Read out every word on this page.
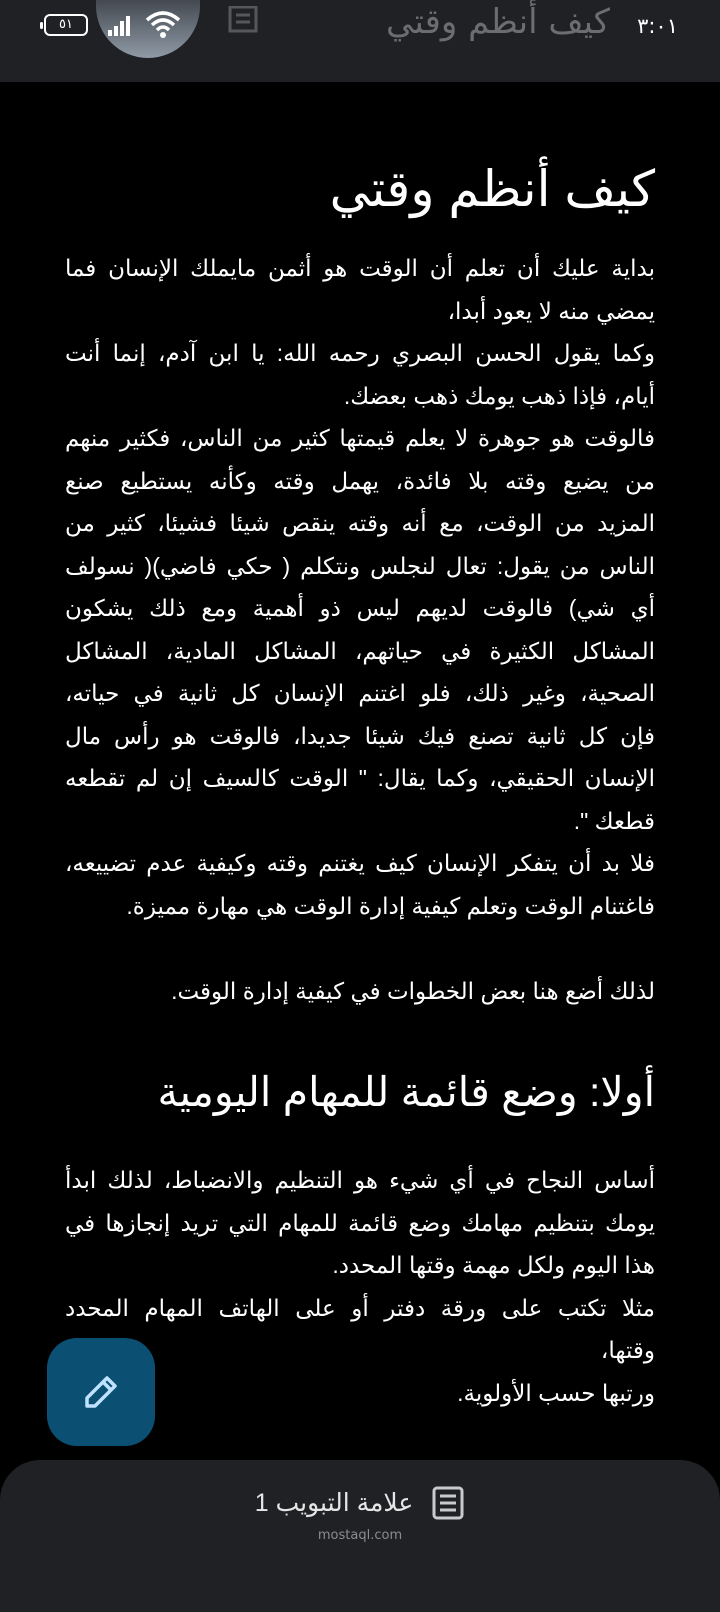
٥١	كيف أنظم وقتي ٣:٠١
كيف أنظم وقتي
بداية عليك أن تعلم أن الوقت هو أثمن مايملك الإنسان فما
يمضي منه لا يعود أبدا،
وكما يقول الحسن البصري رحمه الله: يا ابن آدم، إنما أنت
أيام، فإذا ذهب يومك ذهب بعضك.
فالوقت هو جوهرة لا يعلم قيمتها كثير من الناس، فكثير منهم
من يضيع وقته بلا فائدة، يهمل وقته وكأنه يستطيع صنع
المزيد من الوقت، مع أنه وقته ينقص شيئا فشيئا، كثير من
الناس من يقول: تعال لنجلس ونتكلم ( حكي فاضي)( نسولف
أي شي) فالوقت لديهم ليس ذو أهمية ومع ذلك يشكون
المشاكل الكثيرة في حياتهم، المشاكل المادية، المشاكل
الصحية، وغير ذلك، فلو اغتنم الإنسان كل ثانية في حياته،
فإن كل ثانية تصنع فيك شيئا جديدا، فالوقت هو رأس مال
الإنسان الحقيقي، وكما يقال: " الوقت كالسيف إن لم تقطعه
قطعك ".
فلا بد أن يتفكر الإنسان كيف يغتنم وقته وكيفية عدم تضييعه،
فاغتنام الوقت وتعلم كيفية إدارة الوقت هي مهارة مميزة.
لذلك أضع هنا بعض الخطوات في كيفية إدارة الوقت.
أولا: وضع قائمة للمهام اليومية
أساس النجاح في أي شيء هو التنظيم والانضباط، لذلك ابدأ
يومك بتنظيم مهامك وضع قائمة للمهام التي تريد إنجازها في
هذا اليوم ولكل مهمة وقتها المحدد.
مثلا تكتب على ورقة دفتر أو على الهاتف المهام المحدد
وقتها،
ورتبها حسب الأولوية.
علامة التبويب 1
mostaql.com
